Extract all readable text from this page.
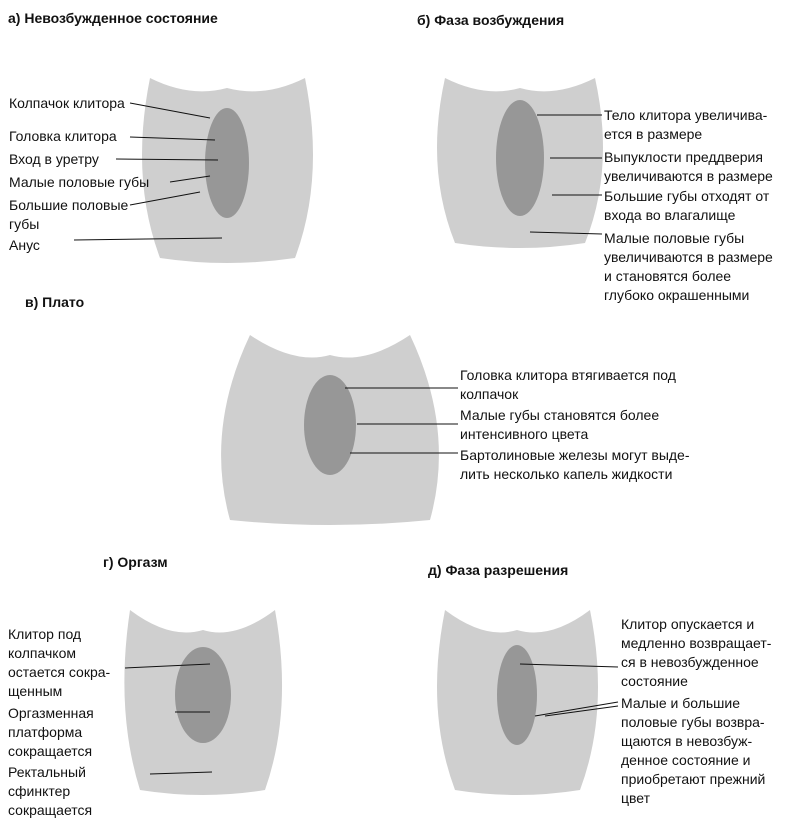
а) Невозбужденное состояние	б) Фаза возбуждения
в) Плато
г) Оргазм	д) Фаза разрешения
Колпачок клитора
Головка клитора
Вход в уретру
Малые половые губы
Большие половые губы
Анус
Тело клитора увеличива-
ется в размере
Выпуклости преддверия
увеличиваются в размере
Большие губы отходят от
входа во влагалище
Малые половые губы
увеличиваются в размере
и становятся более
глубоко окрашенными
Головка клитора втягивается под
колпачок
Малые губы становятся более
интенсивного цвета
Бартолиновые железы могут выде-
лить несколько капель жидкости
Клитор под
колпачком
остается сокра-
щенным
Оргазменная
платформа
сокращается
Ректальный
сфинктер
сокращается
Клитор опускается и
медленно возвращает-
ся в невозбужденное
состояние
Малые и большие
половые губы возвра-
щаются в невозбуж-
денное состояние и
приобретают прежний
цвет
